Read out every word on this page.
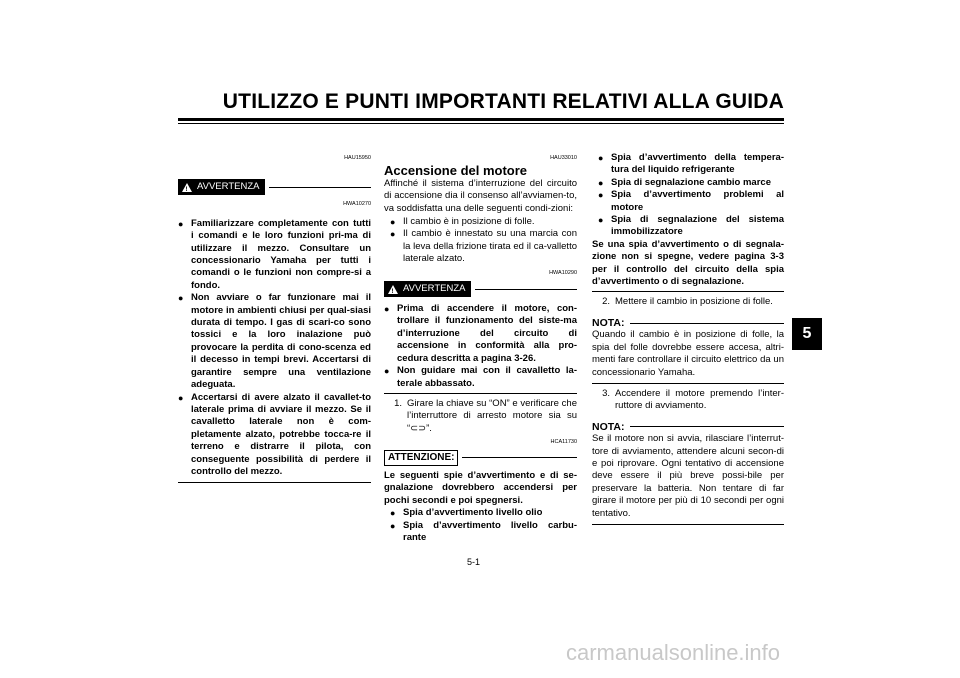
UTILIZZO E PUNTI IMPORTANTI RELATIVI ALLA GUIDA
5
HAU15950
! AVVERTENZA
HWA10270
● Familiarizzare completamente con tutti i comandi e le loro funzioni pri-ma di utilizzare il mezzo. Consultare un concessionario Yamaha per tutti i comandi o le funzioni non compre-si a fondo.
● Non avviare o far funzionare mai il motore in ambienti chiusi per qual-siasi durata di tempo. I gas di scari-co sono tossici e la loro inalazione può provocare la perdita di cono-scenza ed il decesso in tempi brevi. Accertarsi di garantire sempre una ventilazione adeguata.
● Accertarsi di avere alzato il cavallet-to laterale prima di avviare il mezzo. Se il cavalletto laterale non è com-pletamente alzato, potrebbe tocca-re il terreno e distrarre il pilota, con conseguente possibilità di perdere il controllo del mezzo.
HAU33010
Accensione del motore

Affinché il sistema d’interruzione del circuito di accensione dia il consenso all’avviamen-to, va soddisfatta una delle seguenti condi-zioni:

● Il cambio è in posizione di folle.
● Il cambio è innestato su una marcia con la leva della frizione tirata ed il ca-valletto laterale alzato.
HWA10290
! AVVERTENZA
● Prima di accendere il motore, con-trollare il funzionamento del siste-ma d’interruzione del circuito di accensione in conformità alla pro-cedura descritta a pagina 3-26.
● Non guidare mai con il cavalletto la-terale abbassato.
1. Girare la chiave su “ON” e verificare che l’interruttore di arresto motore sia su “⊂⊃”.
HCA11730
ATTENZIONE:

Le seguenti spie d’avvertimento e di se-gnalazione dovrebbero accendersi per pochi secondi e poi spegnersi.

● Spia d’avvertimento livello olio
● Spia d’avvertimento livello carbu-rante
● Spia d’avvertimento della tempera-tura del liquido refrigerante
● Spia di segnalazione cambio marce
● Spia d’avvertimento problemi al motore
● Spia di segnalazione del sistema immobilizzatore

Se una spia d’avvertimento o di segnala-zione non si spegne, vedere pagina 3-3 per il controllo del circuito della spia d’avvertimento o di segnalazione.

2. Mettere il cambio in posizione di folle.
NOTA:

Quando il cambio è in posizione di folle, la spia del folle dovrebbe essere accesa, altri-menti fare controllare il circuito elettrico da un concessionario Yamaha.

3. Accendere il motore premendo l’inter-ruttore di avviamento.
NOTA:

Se il motore non si avvia, rilasciare l’interrut-tore di avviamento, attendere alcuni secon-di e poi riprovare. Ogni tentativo di accensione deve essere il più breve possi-bile per preservare la batteria. Non tentare di far girare il motore per più di 10 secondi per ogni tentativo.

5-1
carmanualsonline.info
